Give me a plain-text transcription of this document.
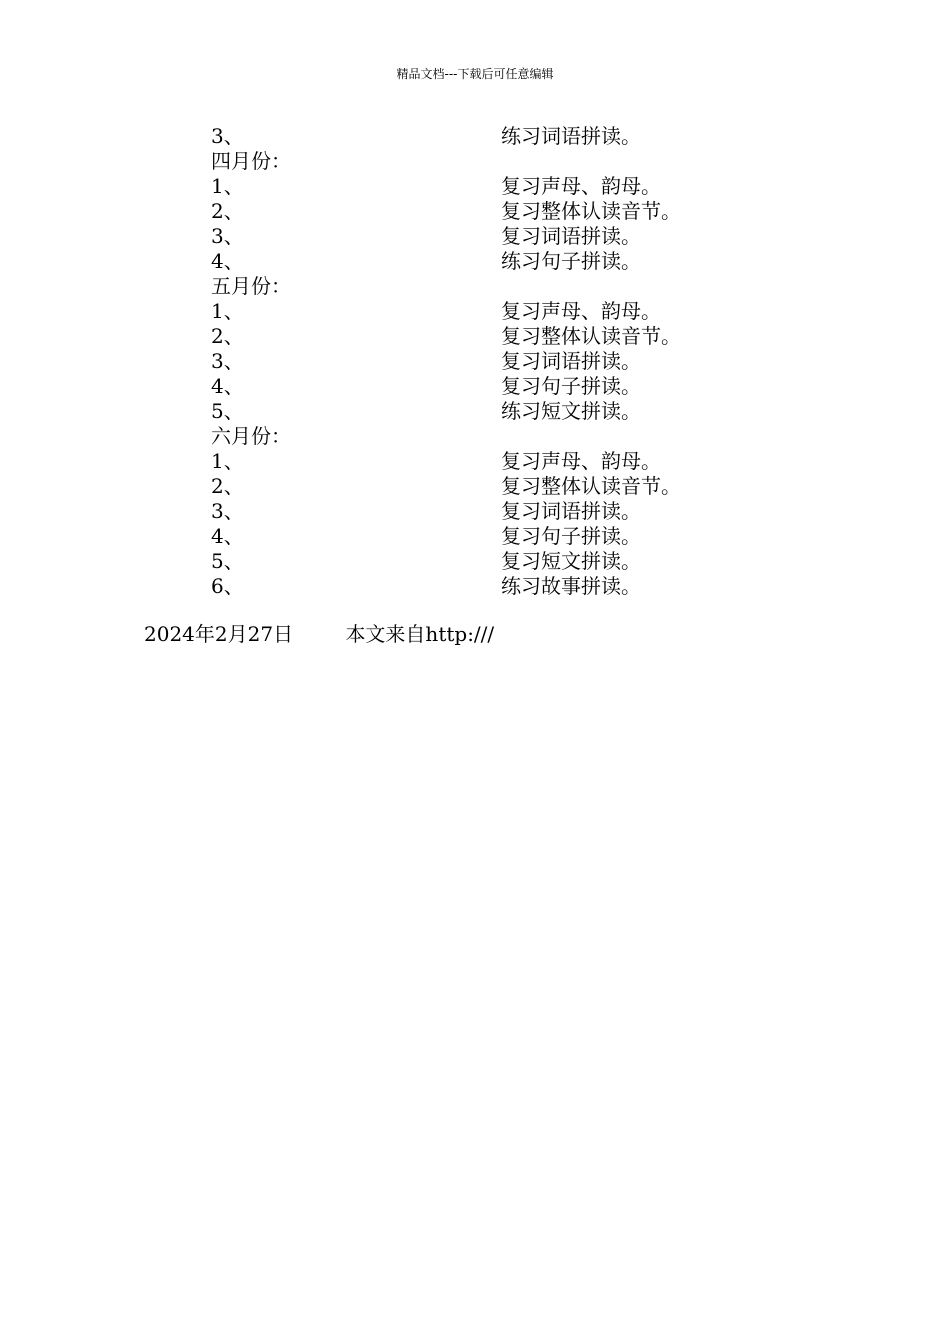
精品文档---下载后可任意编辑
3、	练习词语拼读。
四月份：
1、	复习声母、韵母。
2、	复习整体认读音节。
3、	复习词语拼读。
4、	练习句子拼读。
五月份：
1、	复习声母、韵母。
2、	复习整体认读音节。
3、	复习词语拼读。
4、	复习句子拼读。
5、	练习短文拼读。
六月份：
1、	复习声母、韵母。
2、	复习整体认读音节。
3、	复习词语拼读。
4、	复习句子拼读。
5、	复习短文拼读。
6、	练习故事拼读。
2024年2月27日	本文来自http:///
